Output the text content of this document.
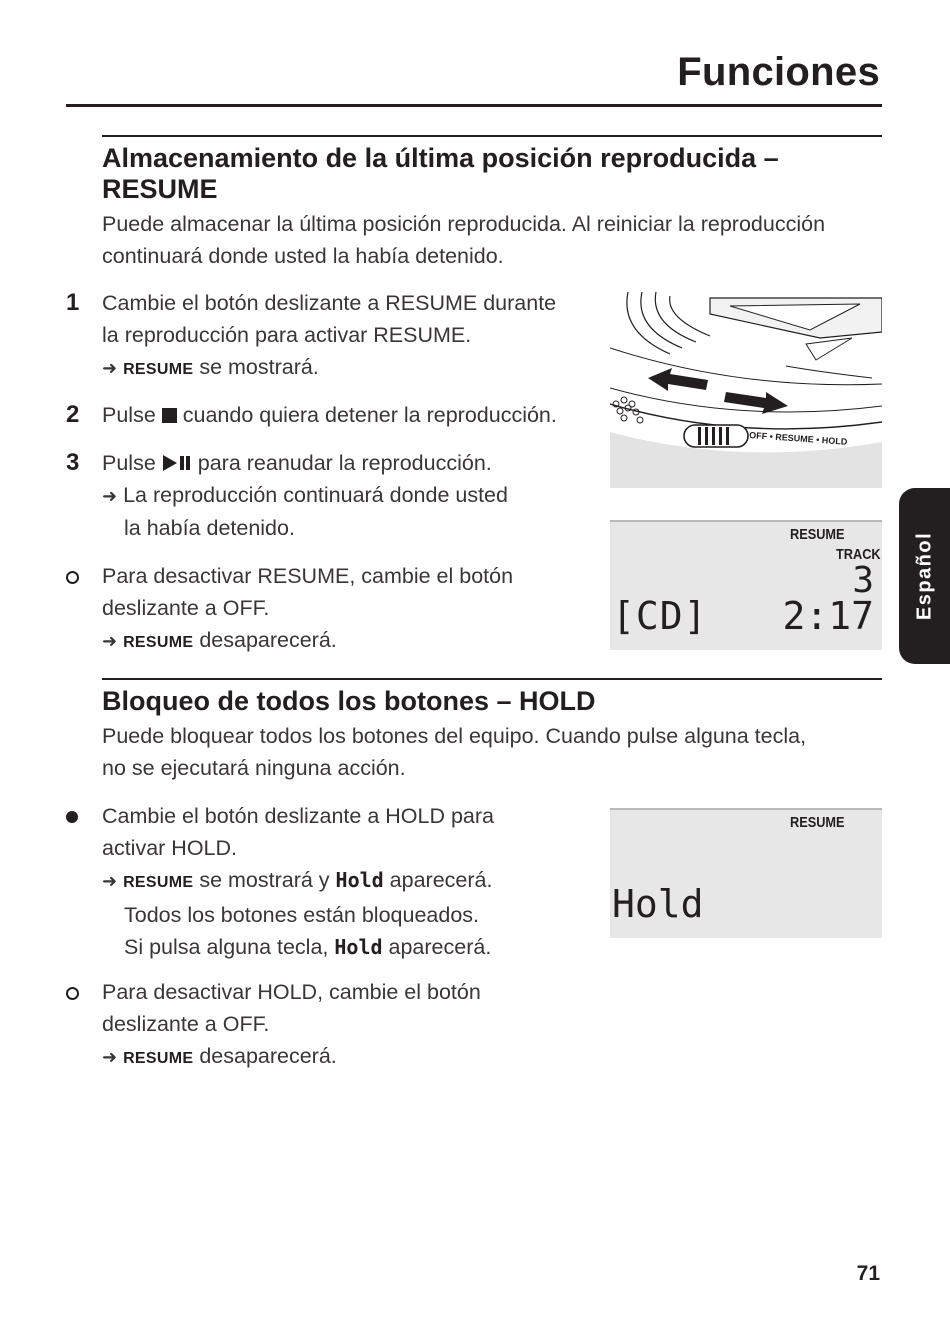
Funciones
Almacenamiento de la última posición reproducida –
RESUME

Puede almacenar la última posición reproducida. Al reiniciar la reproducción
continuará donde usted la había detenido.

1 Cambie el botón deslizante a RESUME durante
la reproducción para activar RESUME.
➜ RESUME se mostrará.
2 Pulse  cuando quiera detener la reproducción.
3 Pulse  para reanudar la reproducción.
➜ La reproducción continuará donde usted
la había detenido.
Para desactivar RESUME, cambie el botón
deslizante a OFF.
➜ RESUME desaparecerá.
OFF • RESUME • HOLD
RESUME
TRACK
3
[CD] 2:17
Bloqueo de todos los botones – HOLD

Puede bloquear todos los botones del equipo. Cuando pulse alguna tecla,
no se ejecutará ninguna acción.

Cambie el botón deslizante a HOLD para
activar HOLD.
➜ RESUME se mostrará y Hold aparecerá.
Todos los botones están bloqueados.
Si pulsa alguna tecla, Hold aparecerá.
Para desactivar HOLD, cambie el botón
deslizante a OFF.
➜ RESUME desaparecerá.
RESUME
Hold
Español
71
